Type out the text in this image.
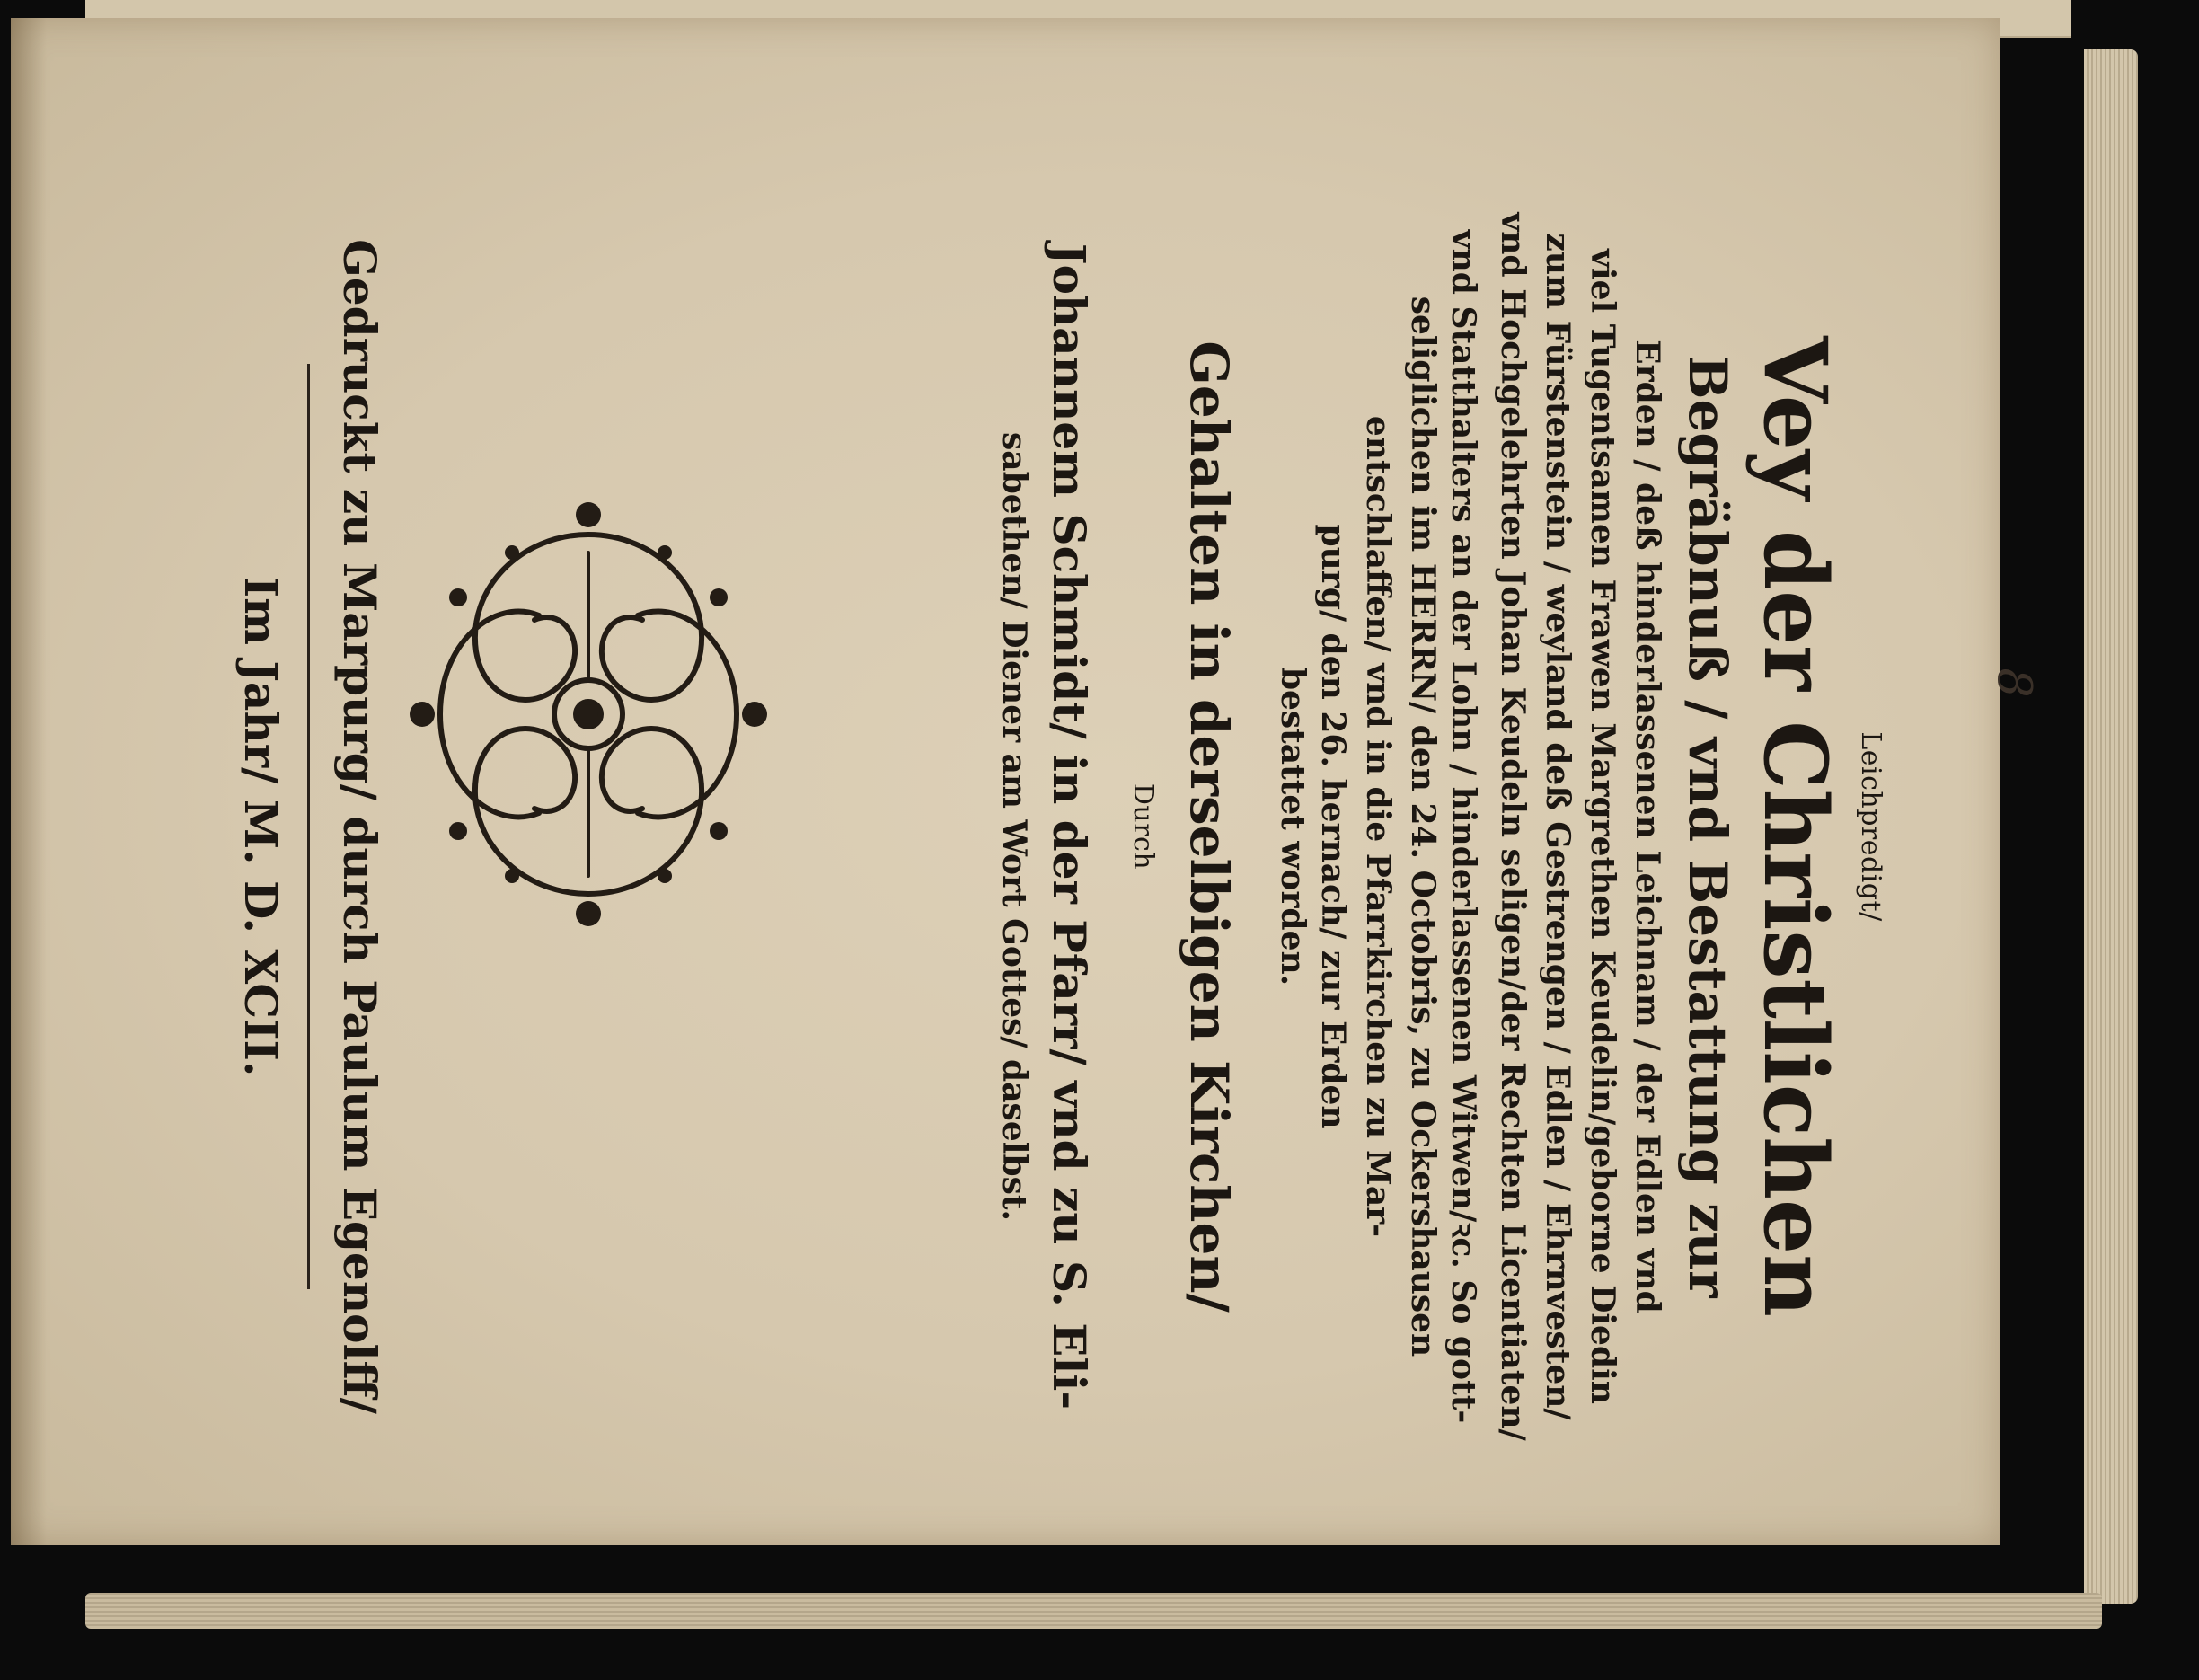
8
Leichpredigt/
Vey der Christlichen
Begräbnuß / vnd Bestattung zur
Erden / deß hinderlassenen Leichnam / der Edlen vnd
viel Tugentsamen Frawen Margrethen Keudelin/geborne Diedin
zum Fürstenstein / weyland deß Gestrengen / Edlen / Ehrnvesten/
vnd Hochgelehrten Johan Keudeln seligen/der Rechten Licentiaten/
vnd Statthalters an der Lohn / hinderlassenen Witwen/ꝛc. So gott-
seliglichen im HERRN/ den 24. Octobris, zu Ockershausen
entschlaffen/ vnd in die Pfarrkirchen zu Mar-
purg/ den 26. hernach/ zur Erden
bestattet worden.
Gehalten in derselbigen Kirchen/
Durch
Johannem Schmidt/ in der Pfarr/ vnd zu S. Eli-
sabethen/ Diener am Wort Gottes/ daselbst.
Gedruckt zu Marpurg/ durch Paulum Egenolff/
Im Jahr/ M. D. XCII.
